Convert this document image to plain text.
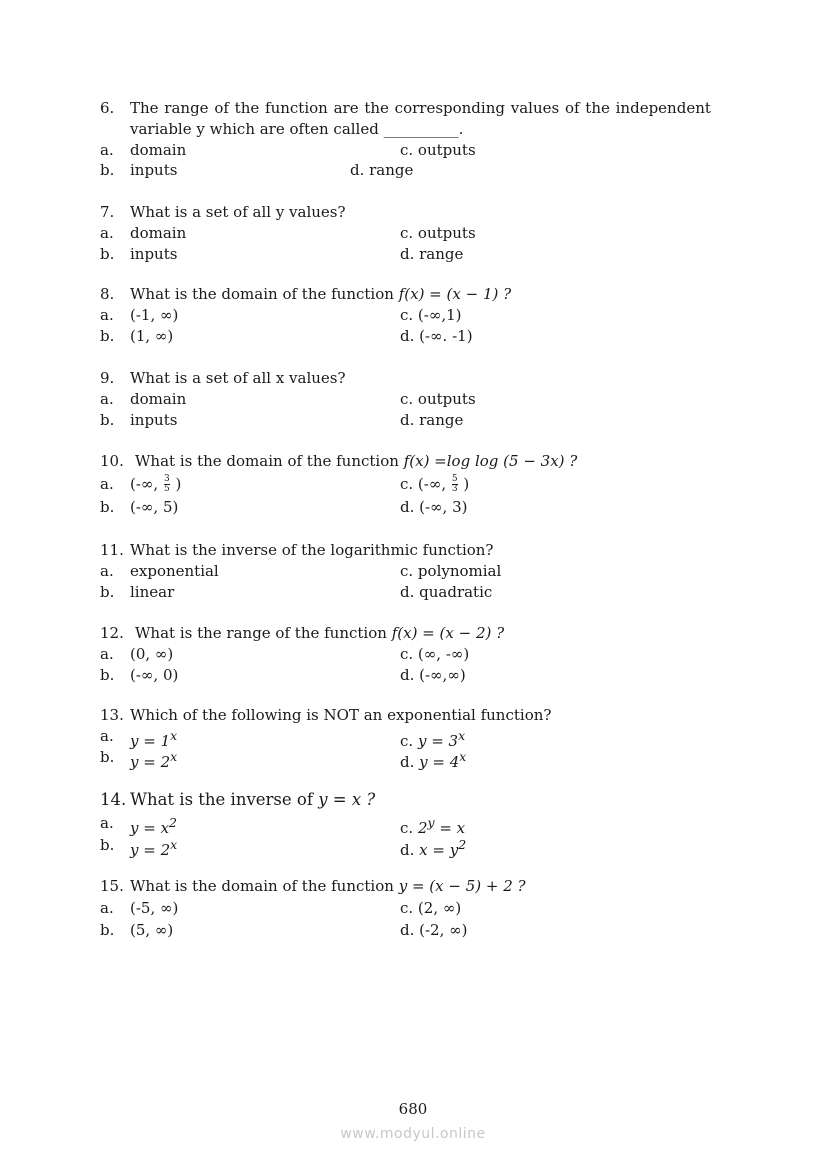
6. The range of the function are the corresponding values of the independent
variable y which are often called __________.
a. domain	c. outputs
b. inputs	d. range
7. What is a set of all y values?
a. domain	c. outputs
b. inputs	d. range
8. What is the domain of the function f(x) = (x − 1) ?
a. (-1, ∞)	c. (-∞,1)
b. (1, ∞)	d. (-∞. -1)
9. What is a set of all x values?
a. domain	c. outputs
b. inputs	d. range
10. What is the domain of the function f(x) =log log (5 − 3x) ?
a. (-∞, $\frac{3}{5}$ )	c. (-∞, $\frac{5}{3}$ )
b. (-∞, 5)	d. (-∞, 3)
11. What is the inverse of the logarithmic function?
a. exponential	c. polynomial
b. linear	d. quadratic
12. What is the range of the function f(x) = (x − 2) ?
a. (0, ∞)	c. (∞, -∞)
b. (-∞, 0)	d. (-∞,∞)
13. Which of the following is NOT an exponential function?
a. $y = 1^x$	c. $y = 3^x$
b. $y = 2^x$	d. $y = 4^x$
14. What is the inverse of y = x ?
a. $y = x^2$	c. $2^y = x$
b. $y = 2^x$	d. $x = y^2$
15. What is the domain of the function y = (x − 5) + 2 ?
a. (-5, ∞)	c. (2, ∞)
b. (5, ∞)	d. (-2, ∞)
680
www.modyul.online
